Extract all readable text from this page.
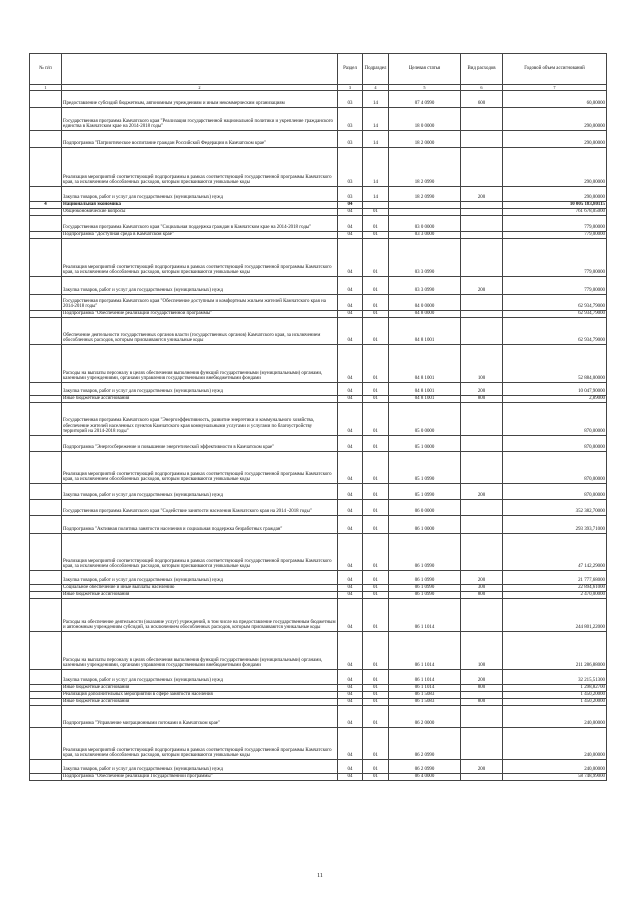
№ п/п		Раздел	Подраздел	Целевая статья	Вид расходов	Годовой объем ассигнований
1	2	3	4	5	6	7
	Предоставление субсидий бюджетным, автономным учреждениям и иным некоммерческим организациям	03	14	07 4 0990	600	60,00000
	Государственная программа Камчатского края "Реализация государственной национальной политики и укрепление гражданского единства в Камчатском крае на 2014-2018 годы"	03	14	18 0 0000		290,00000
	Подпрограмма "Патриотическое воспитание граждан Российской Федерации в Камчатском крае"	03	14	18 2 0000		290,00000
	Реализация мероприятий соответствующей подпрограммы в рамках соответствующей государственной программы Камчатского края, за исключением обособленных расходов, которым присваиваются уникальные коды	03	14	18 2 0990		290,00000
	Закупка товаров, работ и услуг для государственных (муниципальных) нужд	03	14	18 2 0990	200	290,00000
4	Национальная экономика	04				10 005 183,80115
	Общеэкономические вопросы	04	01			761 678,05000
	Государственная программа Камчатского края "Социальная поддержка граждан в Камчатском крае на 2014-2018 годы"	04	01	03 0 0000		779,00000
	Подпрограмма "Доступная среда в Камчатском крае"	04	01	03 3 0000		779,00000
	Реализация мероприятий соответствующей подпрограммы в рамках соответствующей государственной программы Камчатского края, за исключением обособленных расходов, которым присваиваются уникальные коды	04	01	03 3 0990		779,00000
	Закупка товаров, работ и услуг для государственных (муниципальных) нужд	04	01	03 3 0990	200	779,00000
	Государственная программа Камчатского края "Обеспечение доступным и комфортным жильем жителей Камчатского края на 2014-2018 годы"	04	01	04 0 0000		62 934,79000
	Подпрограмма "Обеспечение реализации государственной программы"	04	01	04 8 0000		62 934,79000
	Обеспечение деятельности государственных органов власти (государственных органов) Камчатского края, за исключением обособленных расходов, которым присваиваются уникальные коды	04	01	04 8 1001		62 934,79000
	Расходы на выплаты персоналу в целях обеспечения выполнения функций государственными (муниципальными) органами, казенными учреждениями, органами управления государственными внебюджетными фондами	04	01	04 8 1001	100	52 884,00000
	Закупка товаров, работ и услуг для государственных (муниципальных) нужд	04	01	04 8 1001	200	10 047,90000
	Иные бюджетные ассигнования	04	01	04 8 1001	800	2,89000
	Государственная программа Камчатского края "Энергоэффективность, развитие энергетики и коммунального хозяйства, обеспечение жителей населенных пунктов Камчатского края коммунальными услугами и услугами по благоустройству территорий на 2014-2018 годы"	04	01	05 0 0000		870,00000
	Подпрограмма "Энергосбережение и повышение энергетической эффективности в Камчатском крае"	04	01	05 1 0000		870,00000
	Реализация мероприятий соответствующей подпрограммы в рамках соответствующей государственной программы Камчатского края, за исключением обособленных расходов, которым присваиваются уникальные коды	04	01	05 1 0990		870,00000
	Закупка товаров, работ и услуг для государственных (муниципальных) нужд	04	01	05 1 0990	200	870,00000
	Государственная программа Камчатского края "Содействие занятости населения Камчатского края на 2014 -2018 годы"	04	01	06 0 0000		352 382,70000
	Подпрограмма "Активная политика занятости населения и социальная поддержка безработных граждан"	04	01	06 1 0000		293 393,71000
	Реализация мероприятий соответствующей подпрограммы в рамках соответствующей государственной программы Камчатского края, за исключением обособленных расходов, которым присваиваются уникальные коды	04	01	06 1 0990		47 142,29000
	Закупка товаров, работ и услуг для государственных (муниципальных) нужд	04	01	06 1 0990	200	21 777,68000
	Социальное обеспечение и иные выплаты населению	04	01	06 1 0990	300	22 894,61000
	Иные бюджетные ассигнования	04	01	06 1 0990	800	2 470,00000
	Расходы на обеспечение деятельности (оказание услуг) учреждений, в том числе на предоставление государственным бюджетным и автономным учреждениям субсидий, за исключением обособленных расходов, которым присваиваются уникальные коды	04	01	06 1 1014		244 801,22000
	Расходы на выплаты персоналу в целях обеспечения выполнения функций государственными (муниципальными) органами, казенными учреждениями, органами управления государственными внебюджетными фондами	04	01	06 1 1014	100	211 286,88000
	Закупка товаров, работ и услуг для государственных (муниципальных) нужд	04	01	06 1 1014	200	32 215,51300
	Иные бюджетные ассигнования	04	01	06 1 1014	800	1 298,82700
	Реализация дополнительных мероприятий в сфере занятости населения	04	01	06 1 5083		1 450,20000
	Иные бюджетные ассигнования	04	01	06 1 5083	800	1 450,20000
	Подпрограмма "Управление миграционными потоками в Камчатском крае"	04	01	06 2 0000		240,00000
	Реализация мероприятий соответствующей подпрограммы в рамках соответствующей государственной программы Камчатского края, за исключением обособленных расходов, которым присваиваются уникальные коды	04	01	06 2 0990		240,00000
	Закупка товаров, работ и услуг для государственных (муниципальных) нужд	04	01	06 2 0990	200	240,00000
	Подпрограмма "Обеспечение реализации Государственной программы"	04	01	06 4 0000		58 748,99000
11
